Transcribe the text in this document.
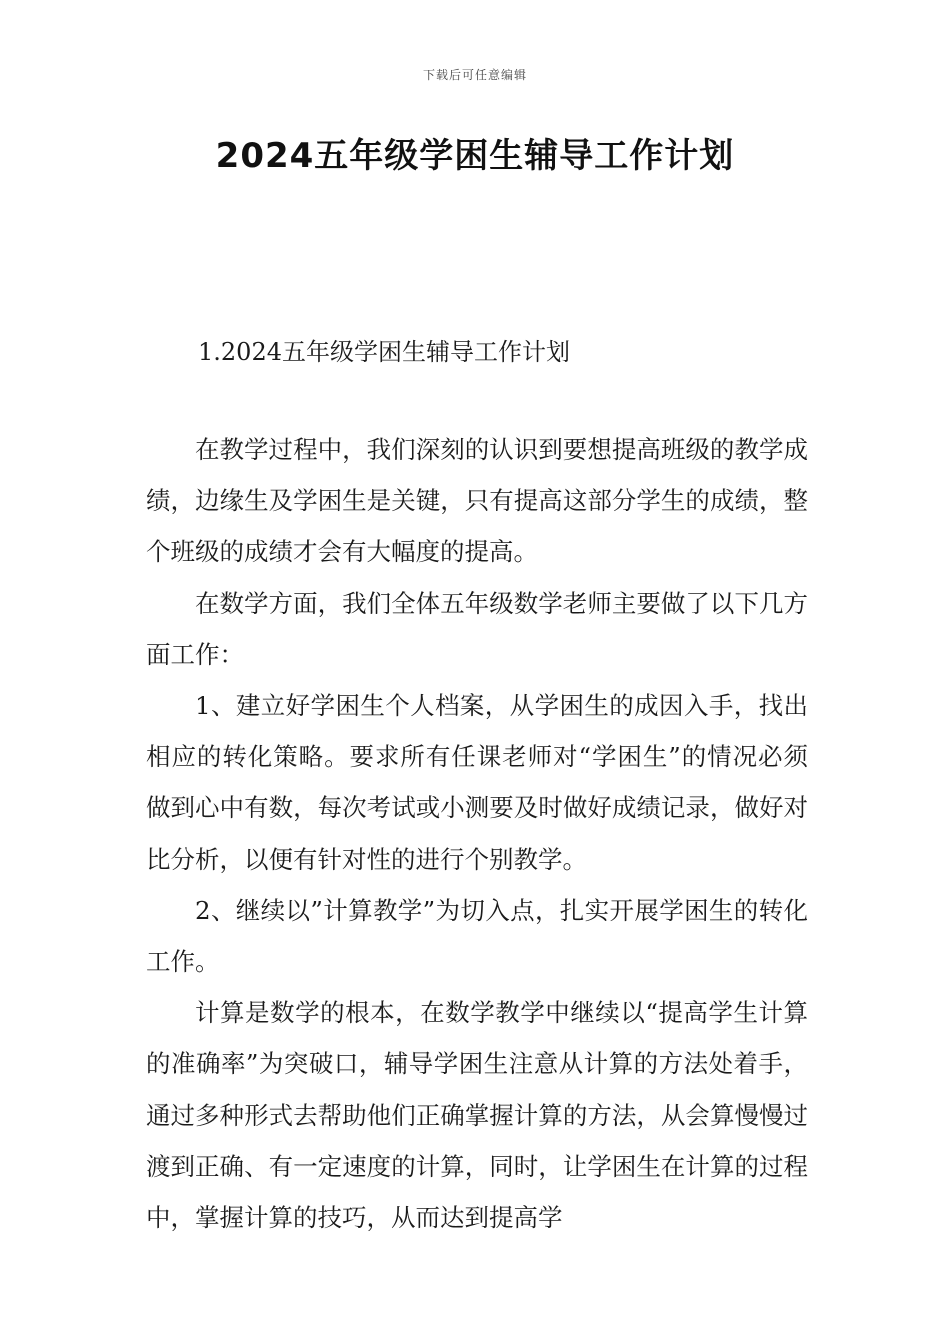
下载后可任意编辑
2024五年级学困生辅导工作计划
1.2024五年级学困生辅导工作计划

在教学过程中，我们深刻的认识到要想提高班级的教学成绩，边缘生及学困生是关键，只有提高这部分学生的成绩，整个班级的成绩才会有大幅度的提高。

在数学方面，我们全体五年级数学老师主要做了以下几方面工作：

1、建立好学困生个人档案，从学困生的成因入手，找出相应的转化策略。要求所有任课老师对“学困生”的情况必须做到心中有数，每次考试或小测要及时做好成绩记录，做好对比分析，以便有针对性的进行个别教学。

2、继续以”计算教学”为切入点，扎实开展学困生的转化工作。

计算是数学的根本，在数学教学中继续以“提高学生计算的准确率”为突破口，辅导学困生注意从计算的方法处着手，通过多种形式去帮助他们正确掌握计算的方法，从会算慢慢过渡到正确、有一定速度的计算，同时，让学困生在计算的过程中，掌握计算的技巧，从而达到提高学
